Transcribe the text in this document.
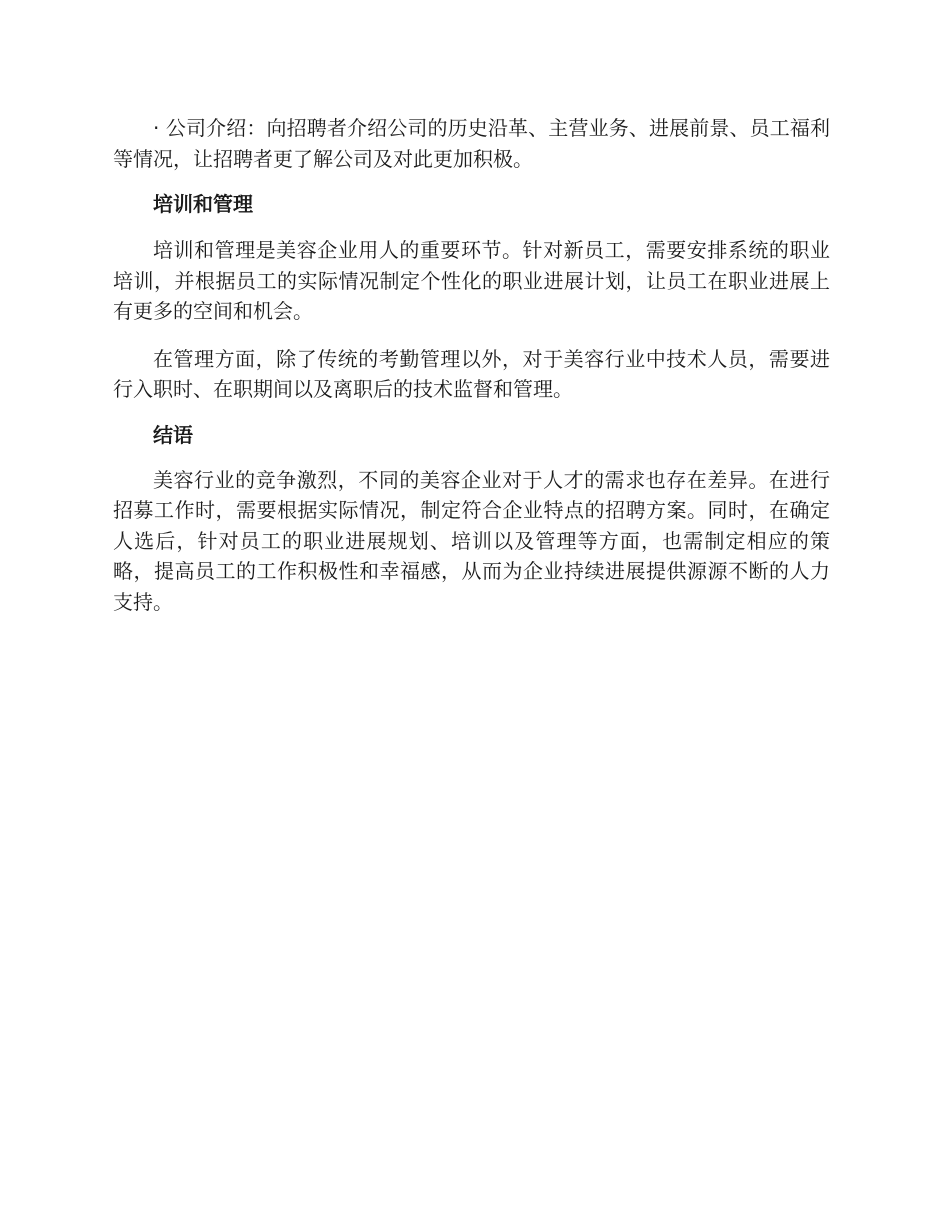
· 公司介绍：向招聘者介绍公司的历史沿革、主营业务、进展前景、员工福利等情况，让招聘者更了解公司及对此更加积极。

培训和管理

培训和管理是美容企业用人的重要环节。针对新员工，需要安排系统的职业培训，并根据员工的实际情况制定个性化的职业进展计划，让员工在职业进展上有更多的空间和机会。

在管理方面，除了传统的考勤管理以外，对于美容行业中技术人员，需要进行入职时、在职期间以及离职后的技术监督和管理。

结语

美容行业的竞争激烈，不同的美容企业对于人才的需求也存在差异。在进行招募工作时，需要根据实际情况，制定符合企业特点的招聘方案。同时，在确定人选后，针对员工的职业进展规划、培训以及管理等方面，也需制定相应的策略，提高员工的工作积极性和幸福感，从而为企业持续进展提供源源不断的人力支持。
